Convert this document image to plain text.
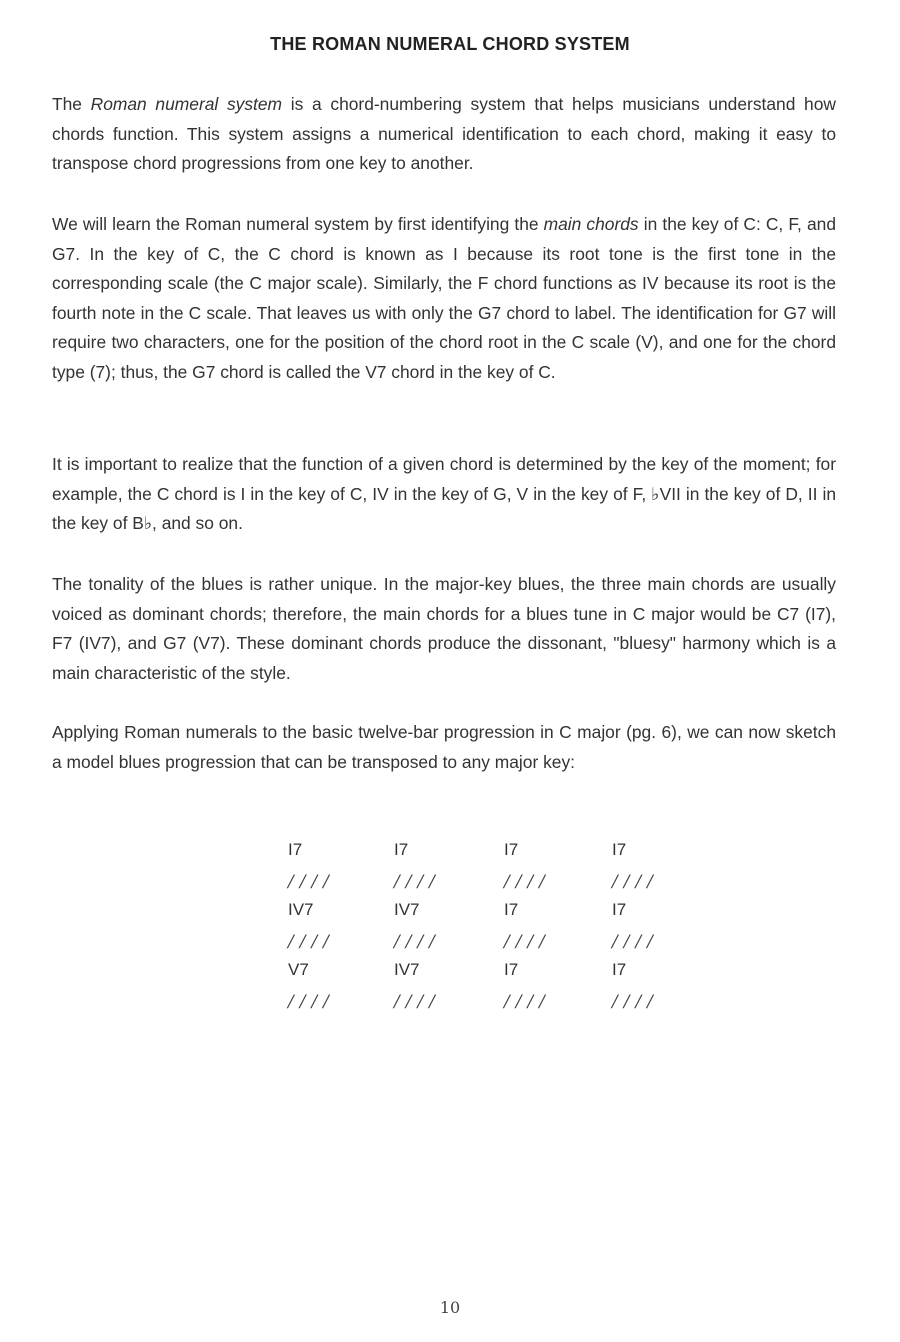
THE ROMAN NUMERAL CHORD SYSTEM

The Roman numeral system is a chord-numbering system that helps musicians understand how chords function. This system assigns a numerical identification to each chord, making it easy to transpose chord progressions from one key to another.

We will learn the Roman numeral system by first identifying the main chords in the key of C: C, F, and G7. In the key of C, the C chord is known as I because its root tone is the first tone in the corresponding scale (the C major scale). Similarly, the F chord functions as IV because its root is the fourth note in the C scale. That leaves us with only the G7 chord to label. The identification for G7 will require two characters, one for the position of the chord root in the C scale (V), and one for the chord type (7); thus, the G7 chord is called the V7 chord in the key of C.

It is important to realize that the function of a given chord is determined by the key of the moment; for example, the C chord is I in the key of C, IV in the key of G, V in the key of F, ♭VII in the key of D, II in the key of B♭, and so on.

The tonality of the blues is rather unique. In the major-key blues, the three main chords are usually voiced as dominant chords; therefore, the main chords for a blues tune in C major would be C7 (I7), F7 (IV7), and G7 (V7). These dominant chords produce the dissonant, "bluesy" harmony which is a main characteristic of the style.

Applying Roman numerals to the basic twelve-bar progression in C major (pg. 6), we can now sketch a model blues progression that can be transposed to any major key:

I7	I7	I7	I7
////	////	////	////
IV7	IV7	I7	I7
////	////	////	////
V7	IV7	I7	I7
////	////	////	////
10
